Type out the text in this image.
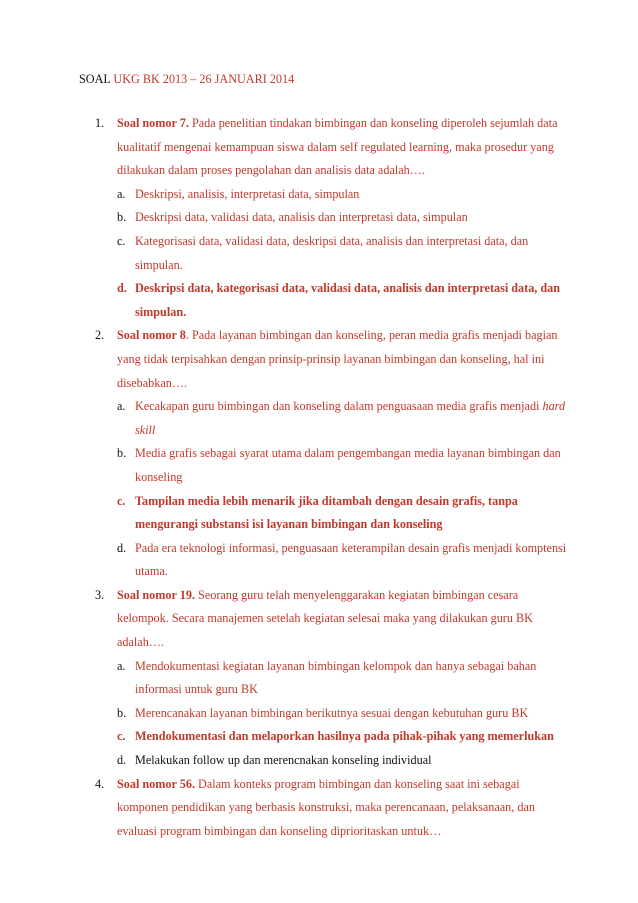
SOAL UKG BK 2013 – 26 JANUARI 2014
1. Soal nomor 7. Pada penelitian tindakan bimbingan dan konseling diperoleh sejumlah data kualitatif mengenai kemampuan siswa dalam self regulated learning, maka prosedur yang dilakukan dalam proses pengolahan dan analisis data adalah….
a. Deskripsi, analisis, interpretasi data, simpulan
b. Deskripsi data, validasi data, analisis dan interpretasi data, simpulan
c. Kategorisasi data, validasi data, deskripsi data, analisis dan interpretasi data, dan simpulan.
d. Deskripsi data, kategorisasi data, validasi data, analisis dan interpretasi data, dan simpulan.
2. Soal nomor 8. Pada layanan bimbingan dan konseling, peran media grafis menjadi bagian yang tidak terpisahkan dengan prinsip-prinsip layanan bimbingan dan konseling, hal ini disebabkan….
a. Kecakapan guru bimbingan dan konseling dalam penguasaan media grafis menjadi hard skill
b. Media grafis sebagai syarat utama dalam pengembangan media layanan bimbingan dan konseling
c. Tampilan media lebih menarik jika ditambah dengan desain grafis, tanpa mengurangi substansi isi layanan bimbingan dan konseling
d. Pada era teknologi informasi, penguasaan keterampilan desain grafis menjadi komptensi utama.
3. Soal nomor 19. Seorang guru telah menyelenggarakan kegiatan bimbingan cesara kelompok. Secara manajemen setelah kegiatan selesai maka yang dilakukan guru BK adalah….
a. Mendokumentasi kegiatan layanan bimbingan kelompok dan hanya sebagai bahan informasi untuk guru BK
b. Merencanakan layanan bimbingan berikutnya sesuai dengan kebutuhan guru BK
c. Mendokumentasi dan melaporkan hasilnya pada pihak-pihak yang memerlukan
d. Melakukan follow up dan merencnakan konseling individual
4. Soal nomor 56. Dalam konteks program bimbingan dan konseling saat ini sebagai komponen pendidikan yang berbasis konstruksi, maka perencanaan, pelaksanaan, dan evaluasi program bimbingan dan konseling diprioritaskan untuk…
